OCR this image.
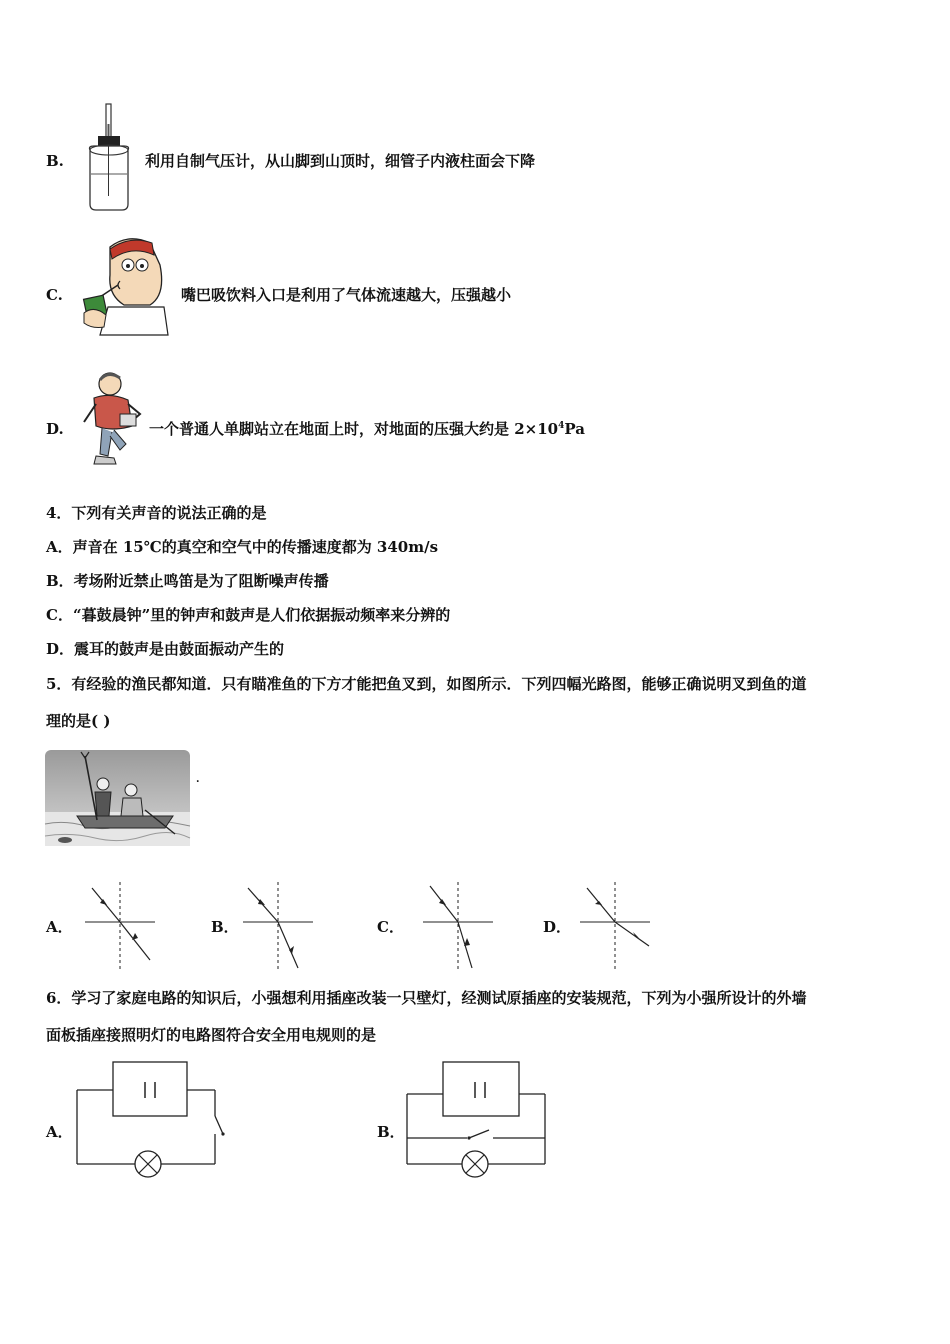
B.	利用自制气压计，从山脚到山顶时，细管子内液柱面会下降
C.	嘴巴吸饮料入口是利用了气体流速越大，压强越小
D.	一个普通人单脚站立在地面上时，对地面的压强大约是 $2\times 10^4Pa$
4．下列有关声音的说法正确的是
A．声音在 15℃的真空和空气中的传播速度都为 340m/s
B．考场附近禁止鸣笛是为了阻断噪声传播
C．“暮鼓晨钟”里的钟声和鼓声是人们依据振动频率来分辨的
D．震耳的鼓声是由鼓面振动产生的
5．有经验的渔民都知道．只有瞄准鱼的下方才能把鱼叉到，如图所示．下列四幅光路图，能够正确说明叉到鱼的道
理的是( )
.
A．	B．	C．	D．
6．学习了家庭电路的知识后，小强想利用插座改装一只壁灯，经测试原插座的安装规范，下列为小强所设计的外墙
面板插座接照明灯的电路图符合安全用电规则的是
A．	B．
